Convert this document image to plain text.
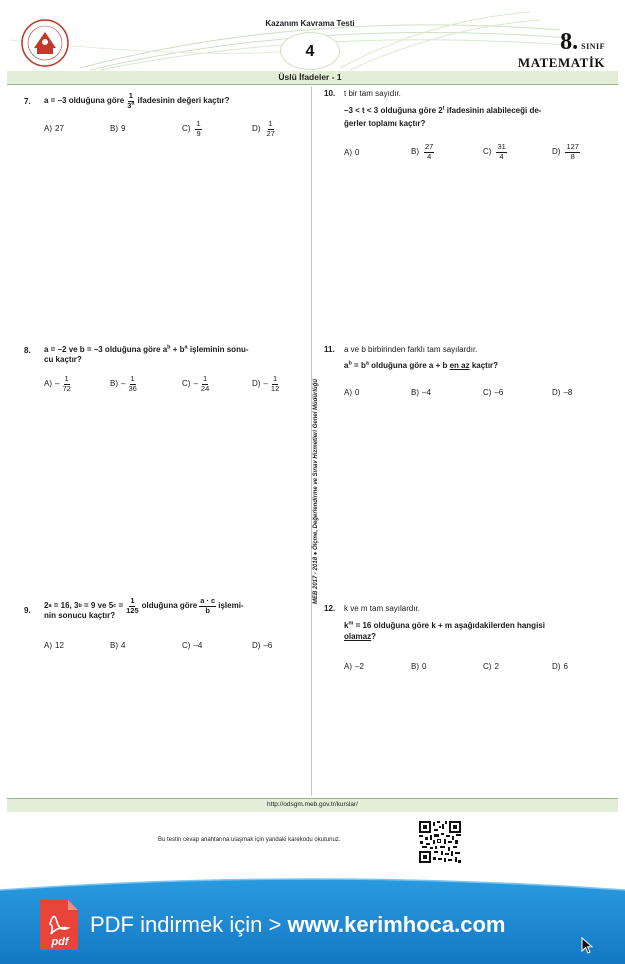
Kazanım Kavrama Testi
4	8. SINIF
MATEMATİK
Üslü İfadeler - 1
MEB 2017 - 2018 ● Ölçme, Değerlendirme ve Sınav Hizmetleri Genel Müdürlüğü
7. a = –3 olduğuna göre $\frac{1}{3^a}$ ifadesinin değeri kaçtır?
A) 27	B) 9	$C) \frac{1}{9}$	$D) \frac{1}{27}$
8. a = –2 ve b = –3 olduğuna göre $a^b + b^a$ işleminin sonu-
cu kaçtır?
$A) - \frac{1}{72}$	$B) - \frac{1}{36}$	$C) - \frac{1}{24}$	$D) - \frac{1}{12}$
9.
2 a = 16, 3 b = 9 ve 5 $c = \frac{1}{125}$ olduğuna göre $\frac{a \cdot c}{b}$ işlemi-
nin sonucu kaçtır?
A) 12	B) 4	C) –4	D) –6
10. t bir tam sayıdır.
–3 < t < 3 olduğuna göre 2$^t$ ifadesinin alabileceği de-
ğerler toplamı kaçtır?
A) 0	$B) \frac{27}{4}$	$C) \frac{31}{4}$	$D) \frac{127}{8}$
11. a ve b birbirinden farklı tam sayılardır.
$a^b = b^a$ olduğuna göre a + b en az kaçtır?
A) 0	B) –4	C) –6	D) –8
12. k ve m tam sayılardır.
$k^m = 16$ olduğuna göre k + m aşağıdakilerden hangisi
olamaz?
A) –2	B) 0	C) 2	D) 6
http://odsgm.meb.gov.tr/kurslar/
Bu testin cevap anahtarına ulaşmak için yandaki karekodu okutunuz.
pdf
PDF indirmek için > www.kerimhoca.com
